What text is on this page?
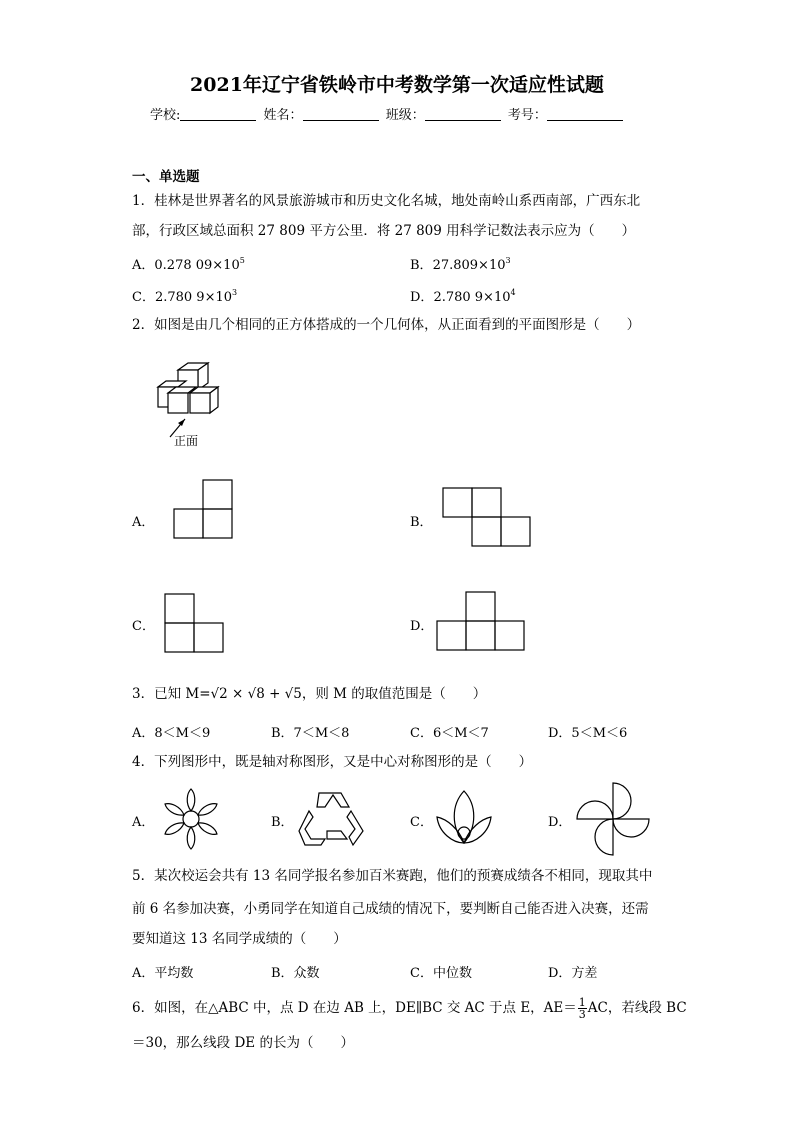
2021年辽宁省铁岭市中考数学第一次适应性试题
学校:	姓名：	班级：	考号：
一、单选题
1．桂林是世界著名的风景旅游城市和历史文化名城，地处南岭山系西南部，广西东北
部，行政区域总面积 27 809 平方公里．将 27 809 用科学记数法表示应为（　　）
A．0.278 $09\times 10^5$	B．$27.809\times 10^3$
C．2.780 $9\times 10^3$	D．2.780 $9\times 10^4$
2．如图是由几个相同的正方体搭成的一个几何体，从正面看到的平面图形是（　　）
正面
A．	B．
C．	D．
3．已知 M=√2 × √8 + √5，则 M 的取值范围是（　　）
A．8＜M＜9	B．7＜M＜8	C．6＜M＜7	D．5＜M＜6
4．下列图形中，既是轴对称图形，又是中心对称图形的是（　　）
A．	B．	C．	D．
5．某次校运会共有 13 名同学报名参加百米赛跑，他们的预赛成绩各不相同，现取其中
前 6 名参加决赛，小勇同学在知道自己成绩的情况下，要判断自己能否进入决赛，还需
要知道这 13 名同学成绩的（　　）
A．平均数	B．众数	C．中位数	D．方差
6．如图，在△ABC 中，点 D 在边 AB 上，DE∥BC 交 AC 于点 E，$AE= \frac{1}{3}$ AC，若线段 BC
＝30，那么线段 DE 的长为（　　）
